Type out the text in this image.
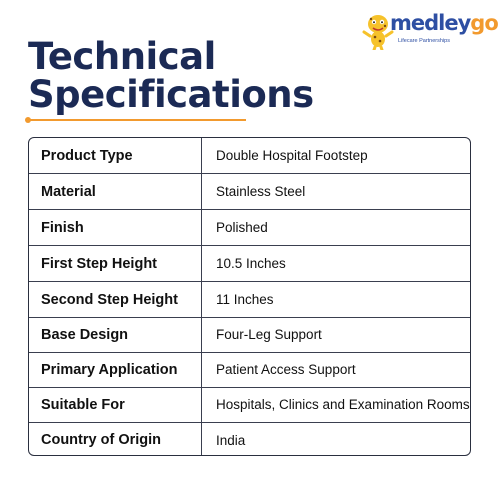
medleygo
Lifecare Partnerships
Technical
Specifications
Product Type	Double Hospital Footstep
Material	Stainless Steel
Finish	Polished
First Step Height	10.5 Inches
Second Step Height	11 Inches
Base Design	Four-Leg Support
Primary Application	Patient Access Support
Suitable For	Hospitals, Clinics and Examination Rooms
Country of Origin	India
